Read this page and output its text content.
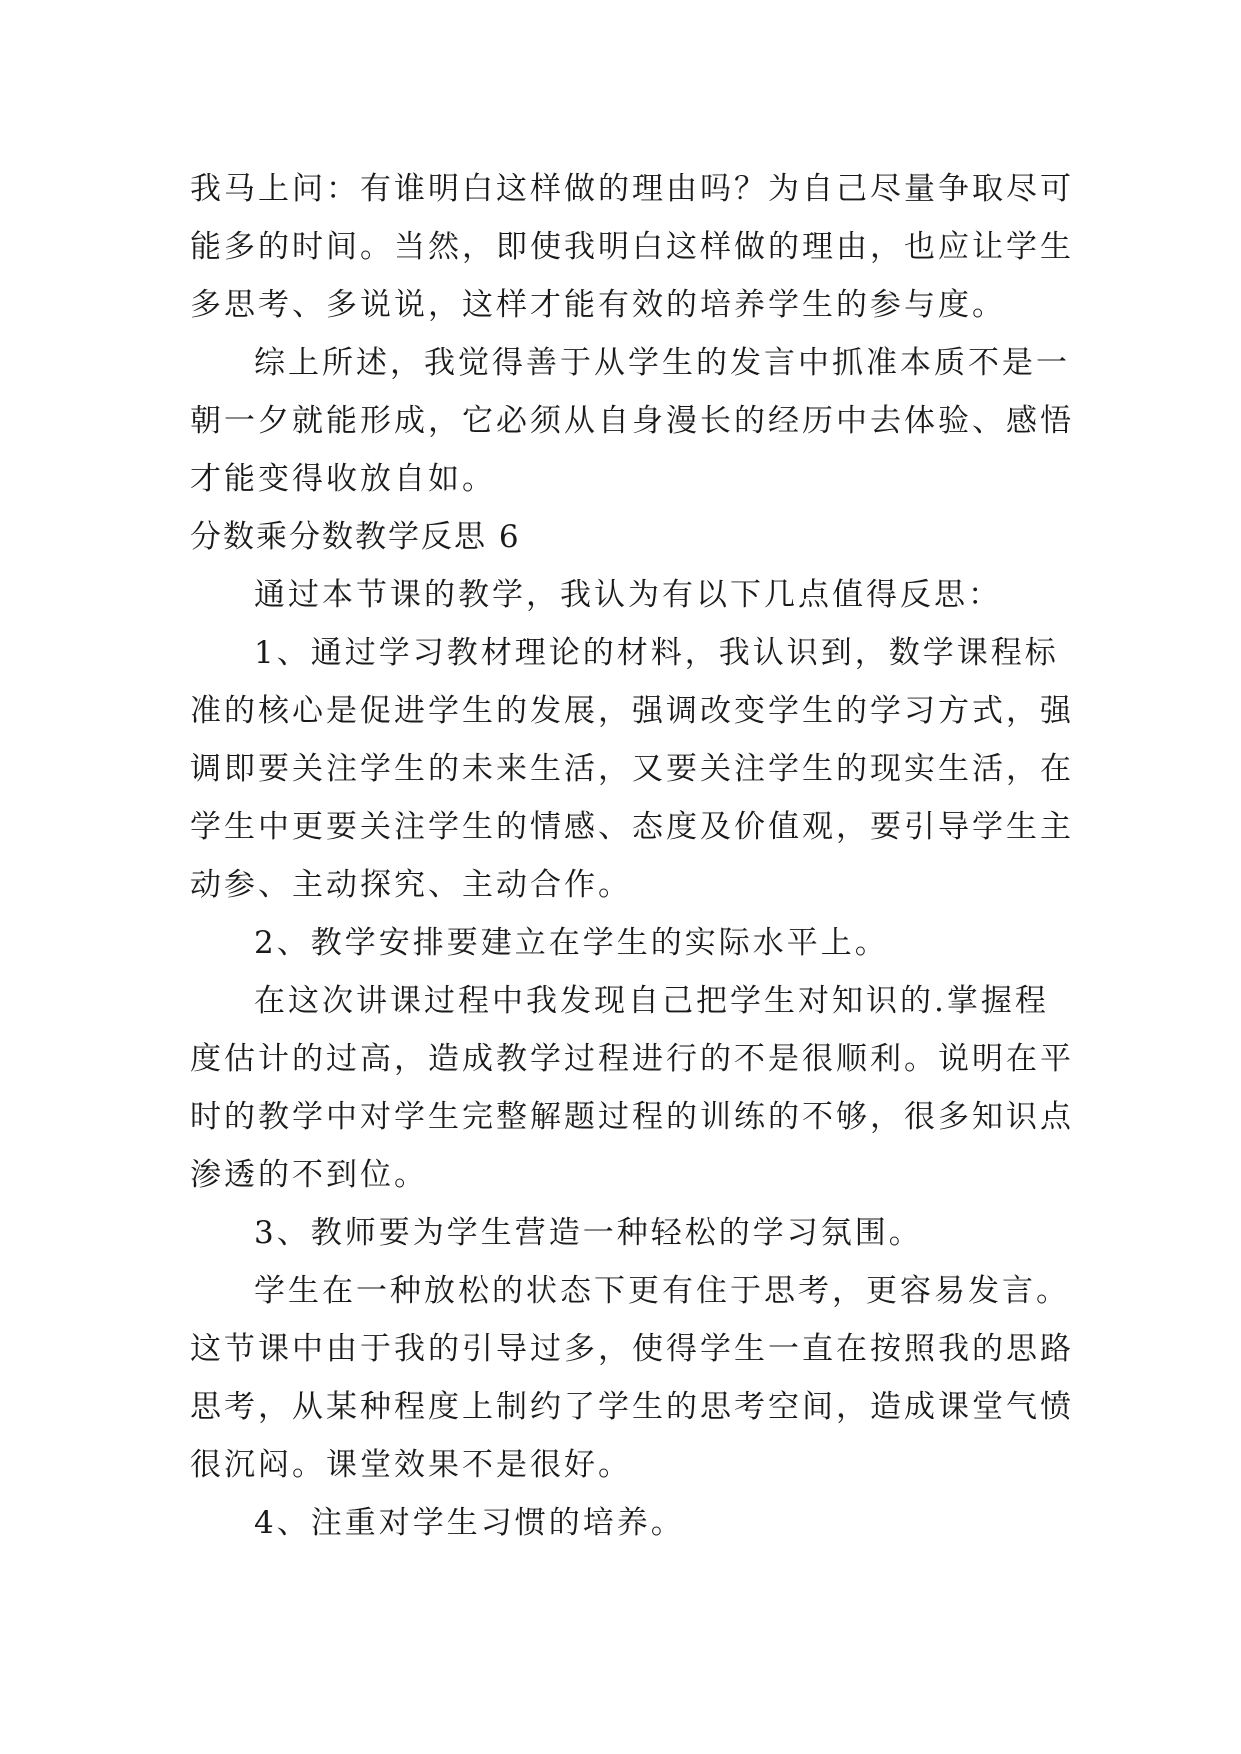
我马上问：有谁明白这样做的理由吗？为自己尽量争取尽可
能多的时间。当然，即使我明白这样做的理由，也应让学生
多思考、多说说，这样才能有效的培养学生的参与度。
综上所述，我觉得善于从学生的发言中抓准本质不是一
朝一夕就能形成，它必须从自身漫长的经历中去体验、感悟
才能变得收放自如。
分数乘分数教学反思 6
通过本节课的教学，我认为有以下几点值得反思：
1、通过学习教材理论的材料，我认识到，数学课程标
准的核心是促进学生的发展，强调改变学生的学习方式，强
调即要关注学生的未来生活，又要关注学生的现实生活，在
学生中更要关注学生的情感、态度及价值观，要引导学生主
动参、主动探究、主动合作。
2、教学安排要建立在学生的实际水平上。
在这次讲课过程中我发现自己把学生对知识的.掌握程
度估计的过高，造成教学过程进行的不是很顺利。说明在平
时的教学中对学生完整解题过程的训练的不够，很多知识点
渗透的不到位。
3、教师要为学生营造一种轻松的学习氛围。
学生在一种放松的状态下更有住于思考，更容易发言。
这节课中由于我的引导过多，使得学生一直在按照我的思路
思考，从某种程度上制约了学生的思考空间，造成课堂气愤
很沉闷。课堂效果不是很好。
4、注重对学生习惯的培养。
